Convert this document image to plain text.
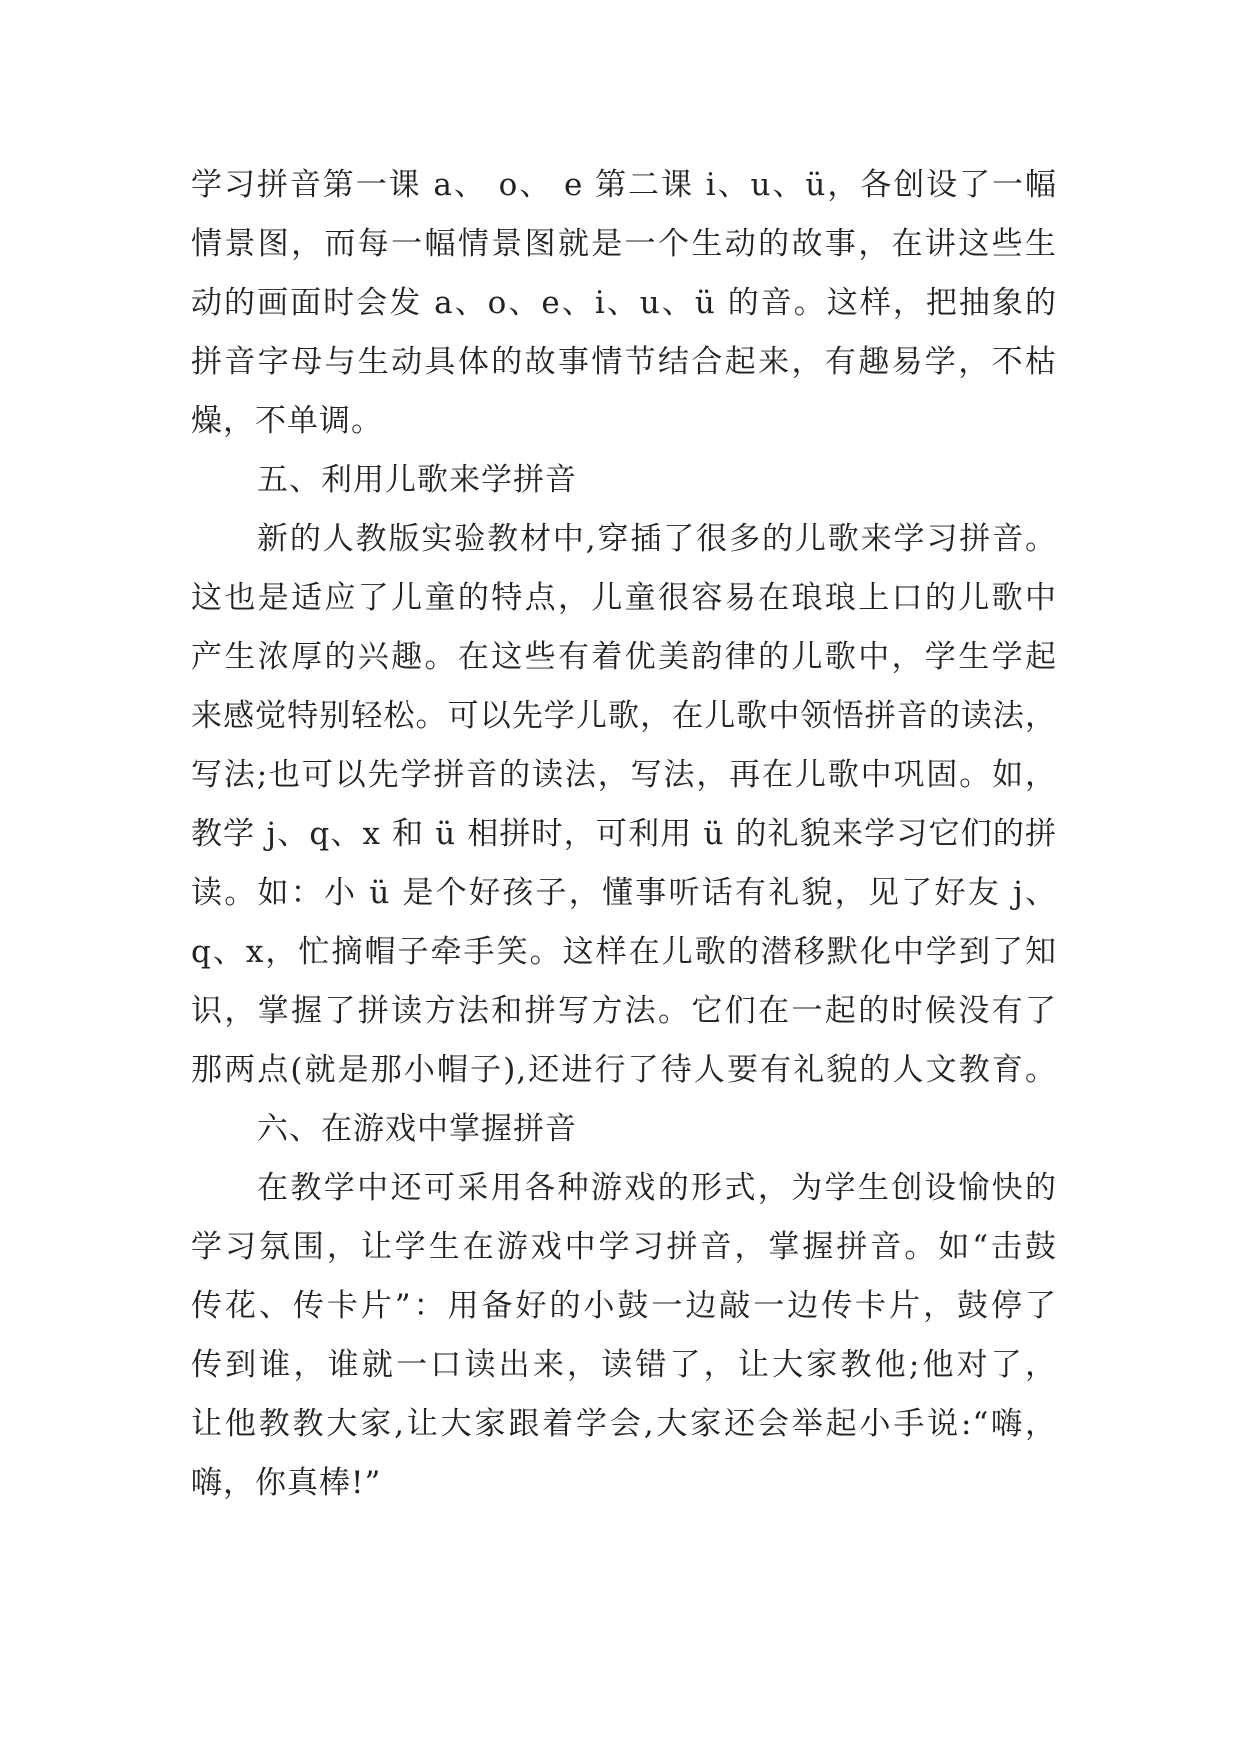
学习拼音第一课 a、 o、 e 第二课 i、u、ü，各创设了一幅
情景图，而每一幅情景图就是一个生动的故事，在讲这些生
动的画面时会发 a、o、e、i、u、ü 的音。这样，把抽象的
拼音字母与生动具体的故事情节结合起来，有趣易学，不枯
燥，不单调。
五、利用儿歌来学拼音
新的人教版实验教材中,穿插了很多的儿歌来学习拼音。
这也是适应了儿童的特点，儿童很容易在琅琅上口的儿歌中
产生浓厚的兴趣。在这些有着优美韵律的儿歌中，学生学起
来感觉特别轻松。可以先学儿歌，在儿歌中领悟拼音的读法，
写法;也可以先学拼音的读法，写法，再在儿歌中巩固。如，
教学 j、q、x 和 ü 相拼时，可利用 ü 的礼貌来学习它们的拼
读。如：小 ü 是个好孩子，懂事听话有礼貌，见了好友 j、
q、x，忙摘帽子牵手笑。这样在儿歌的潜移默化中学到了知
识，掌握了拼读方法和拼写方法。它们在一起的时候没有了
那两点(就是那小帽子),还进行了待人要有礼貌的人文教育。
六、在游戏中掌握拼音
在教学中还可采用各种游戏的形式，为学生创设愉快的
学习氛围，让学生在游戏中学习拼音，掌握拼音。如“击鼓
传花、传卡片”：用备好的小鼓一边敲一边传卡片，鼓停了
传到谁，谁就一口读出来，读错了，让大家教他;他对了，
让他教教大家,让大家跟着学会,大家还会举起小手说:“嗨，
嗨，你真棒!”
